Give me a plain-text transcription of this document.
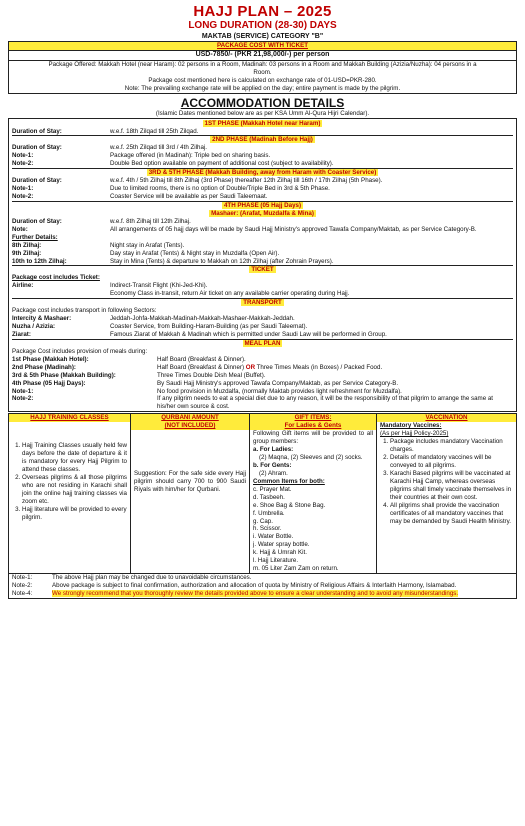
HAJJ PLAN – 2025
LONG DURATION (28-30) DAYS
MAKTAB (SERVICE) CATEGORY "B"
PACKAGE COST WITH TICKET
USD-7850/- (PKR 21,98,000/-) per person
Package Offered: Makkah Hotel (near Haram): 02 persons in a Room, Madinah: 03 persons in a Room and Makkah Building (Azizia/Nuzha): 04 persons in a Room.
Package cost mentioned here is calculated on exchange rate of 01-USD=PKR-280.
Note: The prevailing exchange rate will be applied on the day; entire payment is made by the pilgrim.
ACCOMMODATION DETAILS
(Islamic Dates mentioned below are as per KSA Umm Al-Qura Hijri Calendar).
1ST PHASE (Makkah Hotel near Haram)
Duration of Stay:	w.e.f. 18th Zilqad till 25th Zilqad.
2ND PHASE (Madinah Before Hajj)
Duration of Stay:	w.e.f. 25th Zilqad till 3rd / 4th Zilhaj.
Note-1:	Package offered (in Madinah): Triple bed on sharing basis.
Note-2:	Double Bed option available on payment of additional cost (subject to availability).
3RD & 5TH PHASE (Makkah Building, away from Haram with Coaster Service)
Duration of Stay:	w.e.f. 4th / 5th Zilhaj till 8th Zilhaj (3rd Phase) thereafter 12th Zilhaj till 16th / 17th Zilhaj (5th Phase).
Note-1:	Due to limited rooms, there is no option of Double/Triple Bed in 3rd & 5th Phase.
Note-2:	Coaster Service will be available as per Saudi Taleemaat.
4TH PHASE (05 Hajj Days)
Mashaer: (Arafat, Muzdalfa & Mina)
Duration of Stay:	w.e.f. 8th Zilhaj till 12th Zilhaj.
Note:	All arrangements of 05 hajj days will be made by Saudi Hajj Ministry's approved Tawafa Company/Maktab, as per Service Category-B.
Further Details:
8th Zilhaj:	Night stay in Arafat (Tents).
9th Zilhaj:	Day stay in Arafat (Tents) & Night stay in Muzdalfa (Open Air).
10th to 12th Zilhaj:	Stay in Mina (Tents) & departure to Makkah on 12th Zilhaj (after Zohrain Prayers).
TICKET
Package cost includes Ticket:
Airline:	Indirect-Transit Flight (Khi-Jed-Khi).
Economy Class in-transit, return Air ticket on any available carrier operating during Hajj.
TRANSPORT
Package cost includes transport in following Sectors:
Intercity & Mashaer:	Jeddah-Johfa-Makkah-Madinah-Makkah-Mashaer-Makkah-Jeddah.
Nuzha / Azizia:	Coaster Service, from Building-Haram-Building (as per Saudi Taleemat).
Ziarat:	Famous Ziarat of Makkah & Madinah which is permitted under Saudi Law will be performed in Group.
MEAL PLAN
Package Cost includes provision of meals during:
1st Phase (Makkah Hotel):	Half Board (Breakfast & Dinner).
2nd Phase (Madinah):	Half Board (Breakfast & Dinner) OR Three Times Meals (in Boxes) / Packed Food.
3rd & 5th Phase (Makkah Building):	Three Times Double Dish Meal (Buffet).
4th Phase (05 Hajj Days):	By Saudi Hajj Ministry's approved Tawafa Company/Maktab, as per Service Category-B.
Note-1:	No food provision in Muzdalfa, (normally Maktab provides light refreshment for Muzdalfa).
Note-2:	If any pilgrim needs to eat a special diet due to any reason, it will be the responsibility of that pilgrim to arrange the same at his/her own source & cost.
HAJJ TRAINING CLASSES
1. Hajj Training Classes usually held few days before the date of departure & it is mandatory for every Hajj Pilgrim to attend these classes.
2. Overseas pilgrims & all those pilgrims who are not residing in Karachi shall join the online hajj training classes via zoom etc.
3. Hajj literature will be provided to every pilgrim.
QURBANI AMOUNT
(NOT INCLUDED)
Suggestion: For the safe side every Hajj pilgrim should carry 700 to 900 Saudi Riyals with him/her for Qurbani.
GIFT ITEMS:
For Ladies & Gents
Following Gift items will be provided to all group members:
a. For Ladies:
(2) Maqna, (2) Sleeves and (2) socks.
b. For Gents:
(2) Ahram.
Common Items for both:
c. Prayer Mat.
d. Tasbeeh.
e. Shoe Bag & Stone Bag.
f. Umbrella.
g. Cap.
h. Scissor.
i. Water Bottle.
j. Water spray bottle.
k. Hajj & Umrah Kit.
l. Hajj Literature.
m. 05 Liter Zam Zam on return.
VACCINATION
Mandatory Vaccines:
(As per Hajj Policy-2025)
1. Package includes mandatory Vaccination charges.
2. Details of mandatory vaccines will be conveyed to all pilgrims.
3. Karachi Based pilgrims will be vaccinated at Karachi Hajj Camp, whereas overseas pilgrims shall timely vaccinate themselves in their countries at their own cost.
4. All pilgrims shall provide the vaccination certificates of all mandatory vaccines that may be demanded by Saudi Health Ministry.
Note-1:	The above Hajj plan may be changed due to unavoidable circumstances.
Note-2:	Above package is subject to final confirmation, authorization and allocation of quota by Ministry of Religious Affairs & Interfaith Harmony, Islamabad.
Note-4:	We strongly recommend that you thoroughly review the details provided above to ensure a clear understanding and to avoid any misunderstandings.
